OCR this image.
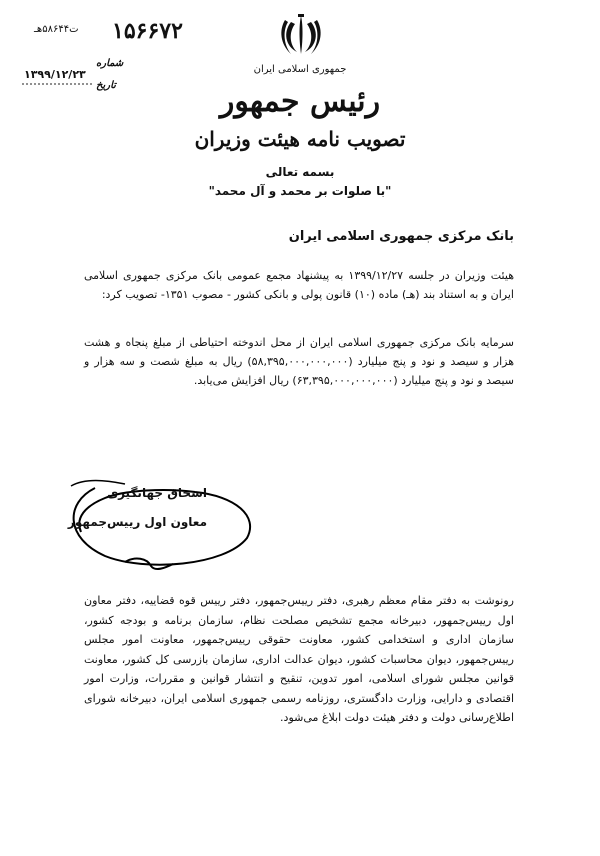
۱۵۶۶۷۲
ت۵۸۶۴۴هـ
شماره
تاریخ
۱۳۹۹/۱۲/۲۳	جمهوری اسلامی ایران
رئیس جمهور
تصویب نامه هیئت وزیران
بسمه تعالی
"با صلوات بر محمد و آل محمد"
بانک مرکزی جمهوری اسلامی ایران
هیئت وزیران در جلسه ۱۳۹۹/۱۲/۲۷ به پیشنهاد مجمع عمومی بانک مرکزی جمهوری اسلامی ایران و به استناد بند (هـ) ماده (۱۰) قانون پولی و بانکی کشور - مصوب ۱۳۵۱- تصویب کرد:
سرمایه بانک مرکزی جمهوری اسلامی ایران از محل اندوخته احتیاطی از مبلغ پنجاه و هشت هزار و سیصد و نود و پنج میلیارد (۵۸,۳۹۵,۰۰۰,۰۰۰,۰۰۰) ریال به مبلغ شصت و سه هزار و سیصد و نود و پنج میلیارد (۶۳,۳۹۵,۰۰۰,۰۰۰,۰۰۰) ریال افزایش می‌یابد.
اسحاق جهانگیری
معاون اول رییس‌جمهور
رونوشت به دفتر مقام معظم رهبری، دفتر رییس‌جمهور، دفتر رییس قوه قضاییه، دفتر معاون اول رییس‌جمهور، دبیرخانه مجمع تشخیص مصلحت نظام، سازمان برنامه و بودجه کشور، سازمان اداری و استخدامی کشور، معاونت حقوقی رییس‌جمهور، معاونت امور مجلس رییس‌جمهور، دیوان محاسبات کشور، دیوان عدالت اداری، سازمان بازرسی کل کشور، معاونت قوانین مجلس شورای اسلامی، امور تدوین، تنقیح و انتشار قوانین و مقررات، وزارت امور اقتصادی و دارایی، وزارت دادگستری، روزنامه رسمی جمهوری اسلامی ایران، دبیرخانه شورای اطلاع‌رسانی دولت و دفتر هیئت دولت ابلاغ می‌شود.
